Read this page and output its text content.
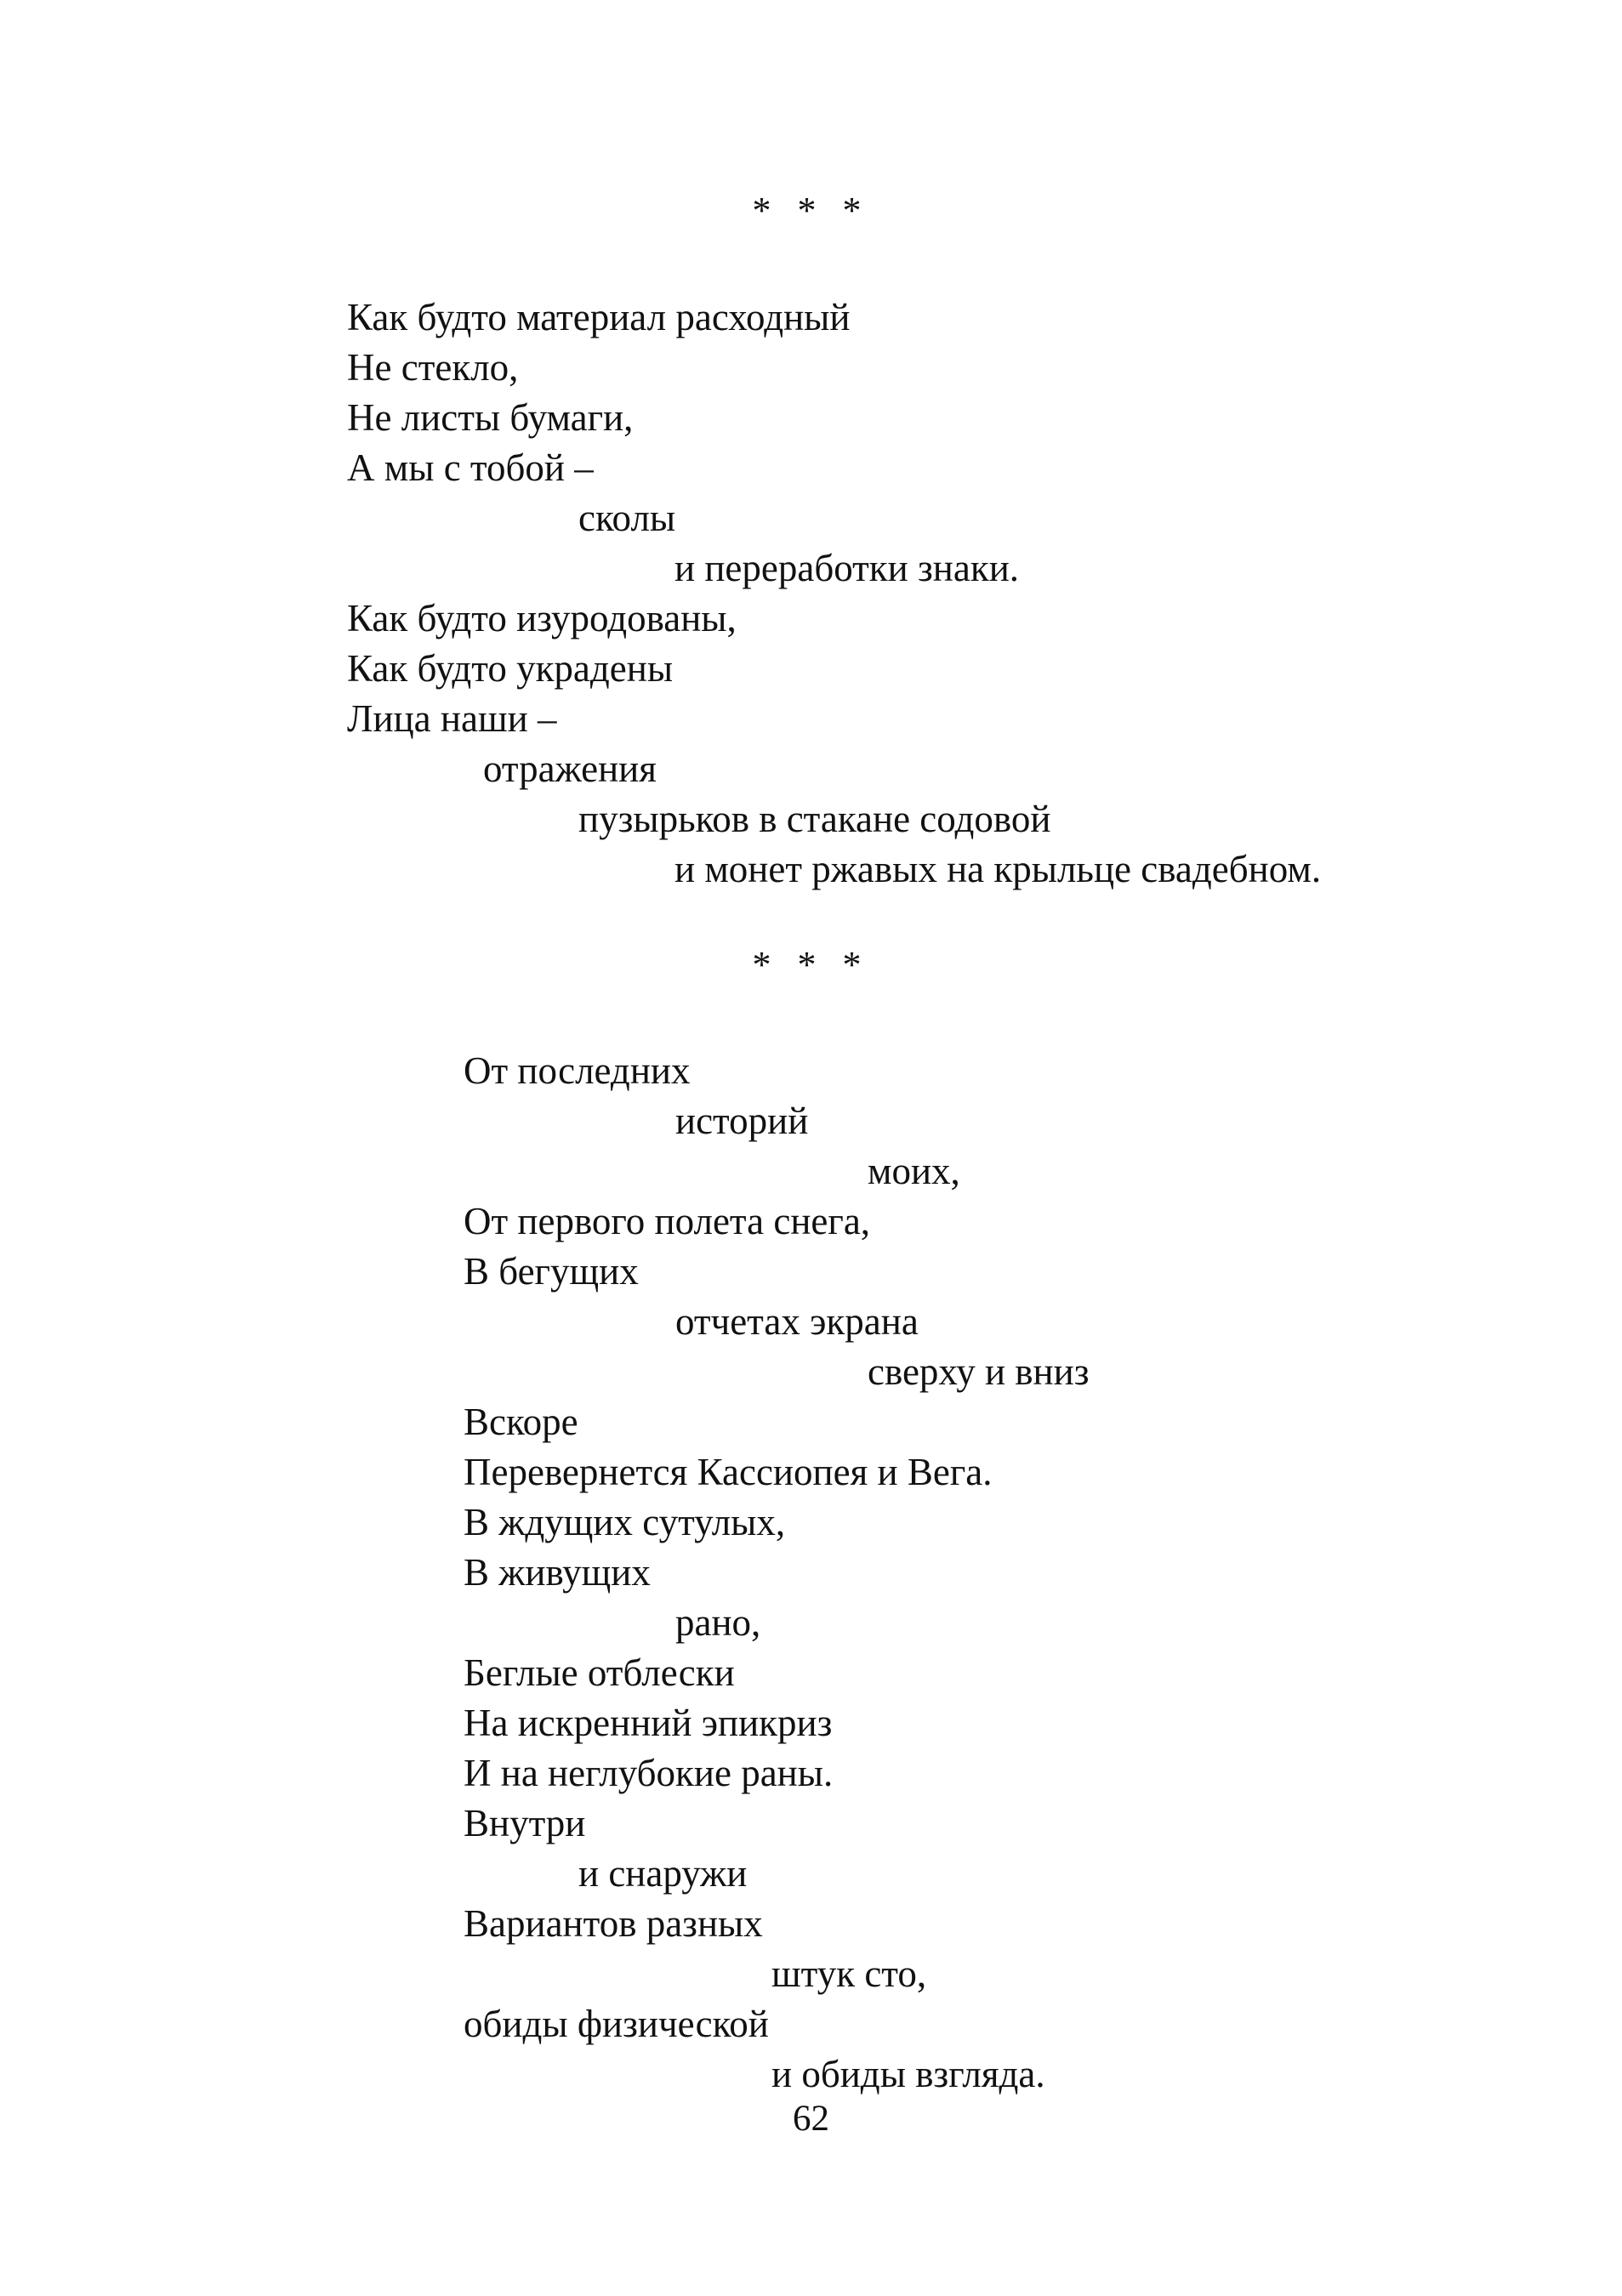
* * *

Как будто материал расходный
Не стекло,
Не листы бумаги,
А мы с тобой –
сколы
и переработки знаки.
Как будто изуродованы,
Как будто украдены
Лица наши –
отражения
пузырьков в стакане содовой
и монет ржавых на крыльце свадебном.

* * *

От последних
историй
моих,
От первого полета снега,
В бегущих
отчетах экрана
сверху и вниз
Вскоре
Перевернется Кассиопея и Вега.
В ждущих сутулых,
В живущих
рано,
Беглые отблески
На искренний эпикриз
И на неглубокие раны.
Внутри
и снаружи
Вариантов разных
штук сто,
обиды физической
и обиды взгляда.

62
